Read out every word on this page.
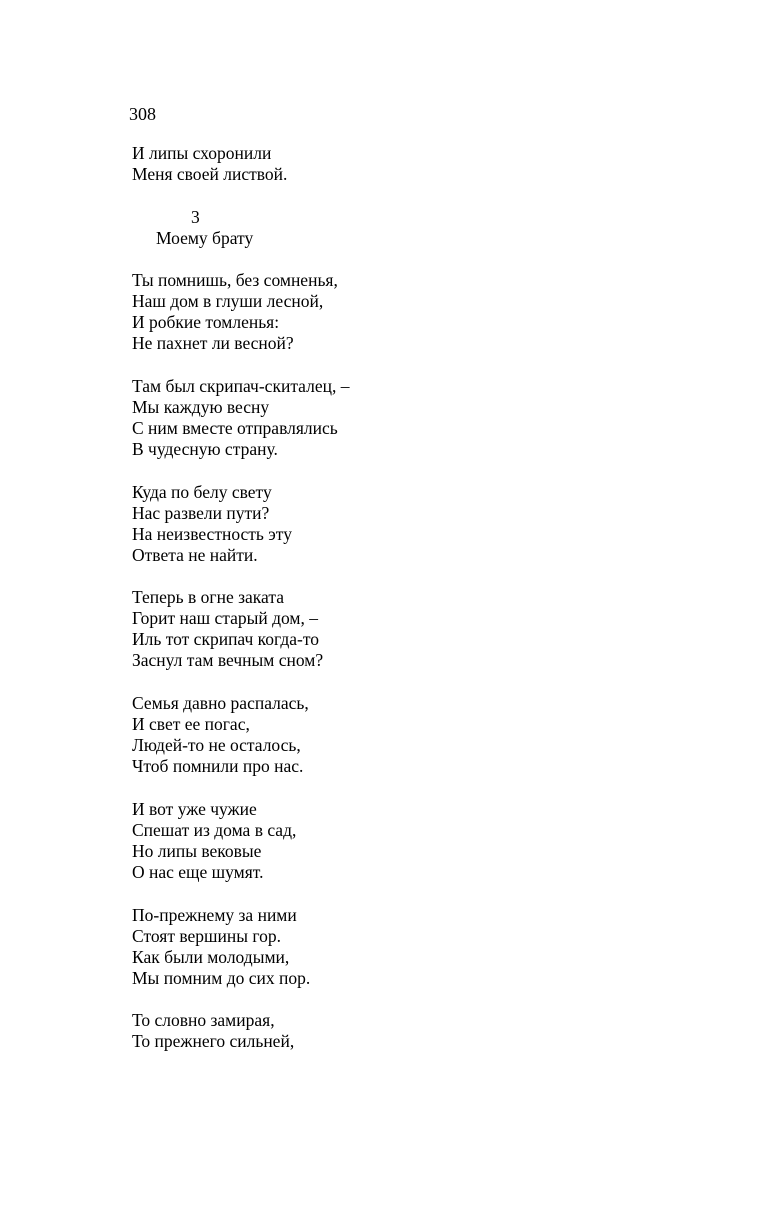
308

И липы схоронили
Меня своей листвой.

3

Моему брату

Ты помнишь, без сомненья,
Наш дом в глуши лесной,
И робкие томленья:
Не пахнет ли весной?
Там был скрипач-скиталец, –
Мы каждую весну
С ним вместе отправлялись
В чудесную страну.
Куда по белу свету
Нас развели пути?
На неизвестность эту
Ответа не найти.
Теперь в огне заката
Горит наш старый дом, –
Иль тот скрипач когда-то
Заснул там вечным сном?
Семья давно распалась,
И свет ее погас,
Людей-то не осталось,
Чтоб помнили про нас.
И вот уже чужие
Спешат из дома в сад,
Но липы вековые
О нас еще шумят.
По-прежнему за ними
Стоят вершины гор.
Как были молодыми,
Мы помним до сих пор.
То словно замирая,
То прежнего сильней,
